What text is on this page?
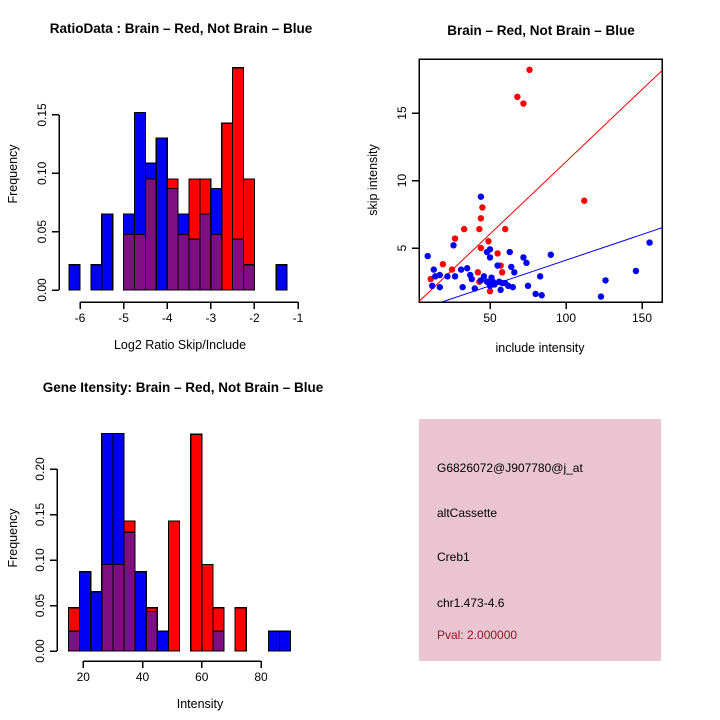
-6	-5	-4	-3	-2	-1
0.00
0.05
0.10
0.15
RatioData : Brain – Red, Not Brain – Blue
Log2 Ratio Skip/Include
Frequency
50	100	150
5
10
15
Brain – Red, Not Brain – Blue
include intensity
skip intensity
20	40	60	80
0.00
0.05
0.10
0.15
0.20
Gene Itensity: Brain – Red, Not Brain – Blue
Intensity
Frequency
G6826072@J907780@j_at
altCassette
Creb1
chr1.473-4.6
Pval: 2.000000
